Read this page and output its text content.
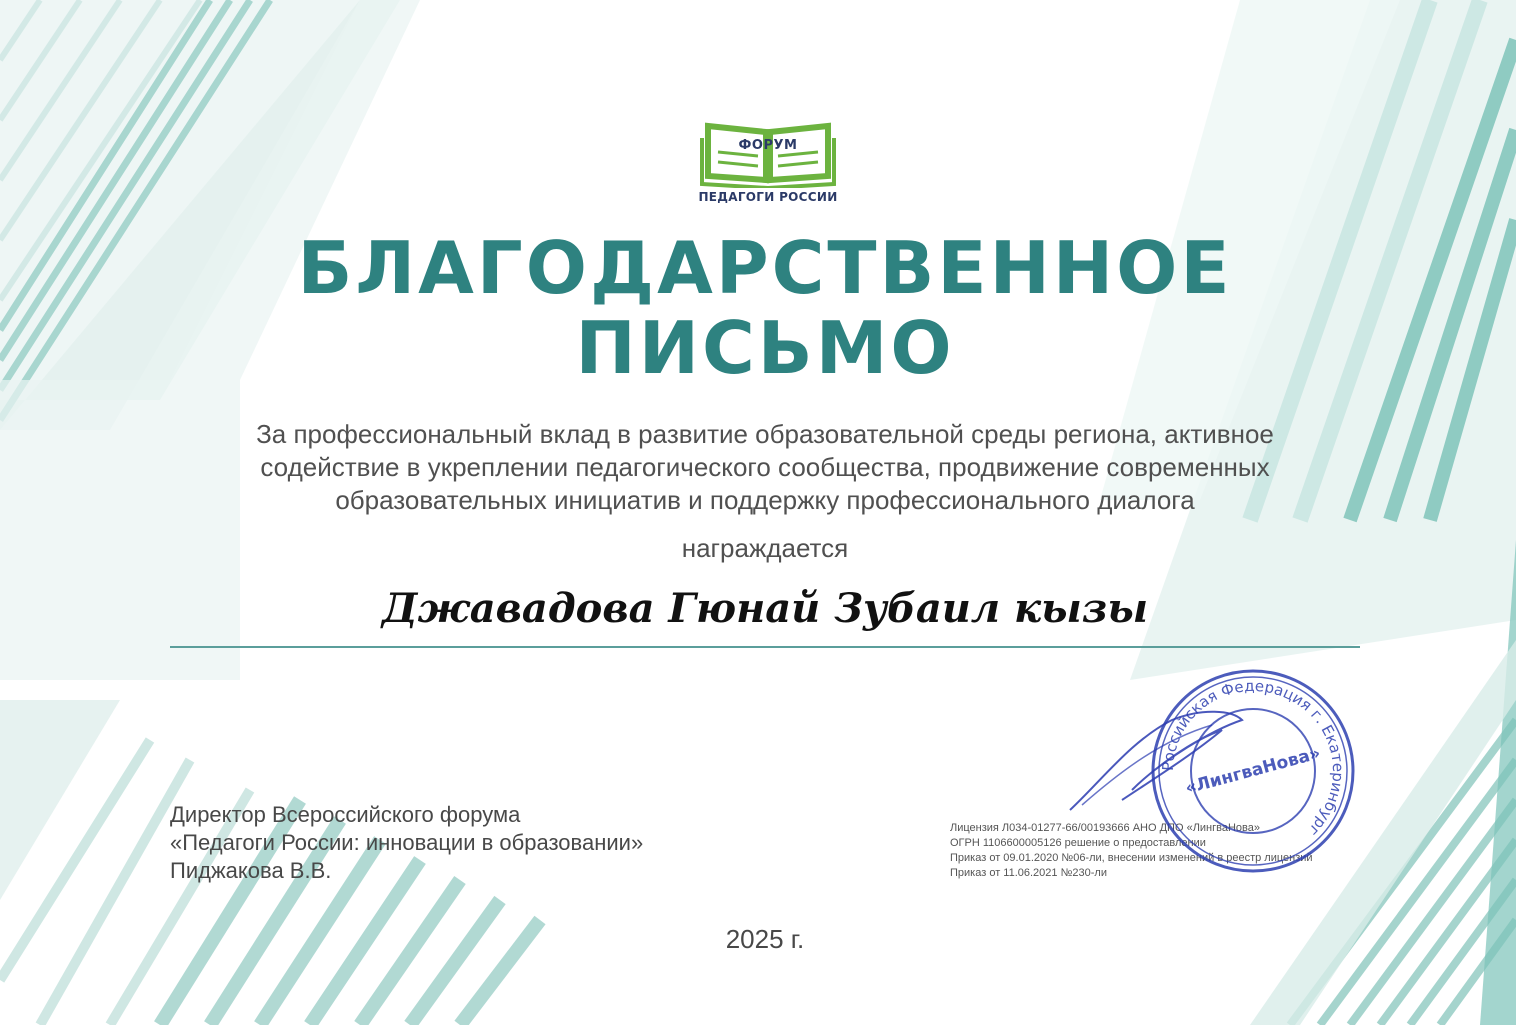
ФОРУМ
ПЕДАГОГИ РОССИИ
БЛАГОДАРСТВЕННОЕ
ПИСЬМО
За профессиональный вклад в развитие образовательной среды региона, активное
содействие в укреплении педагогического сообщества, продвижение современных
образовательных инициатив и поддержку профессионального диалога
награждается
Джавадова Гюнай Зубаил кызы
Директор Всероссийского форума
«Педагоги России: инновации в образовании»
Пиджакова В.В.
Лицензия Л034-01277-66/00193666 АНО ДПО «ЛингваНова»
ОГРН 1106600005126 решение о предоставлении
Приказ от 09.01.2020 №06-ли, внесении изменений в реестр лицензий
Приказ от 11.06.2021 №230-ли
Российская Федерация г. Екатеринбург
«ЛингваНова»
2025 г.
